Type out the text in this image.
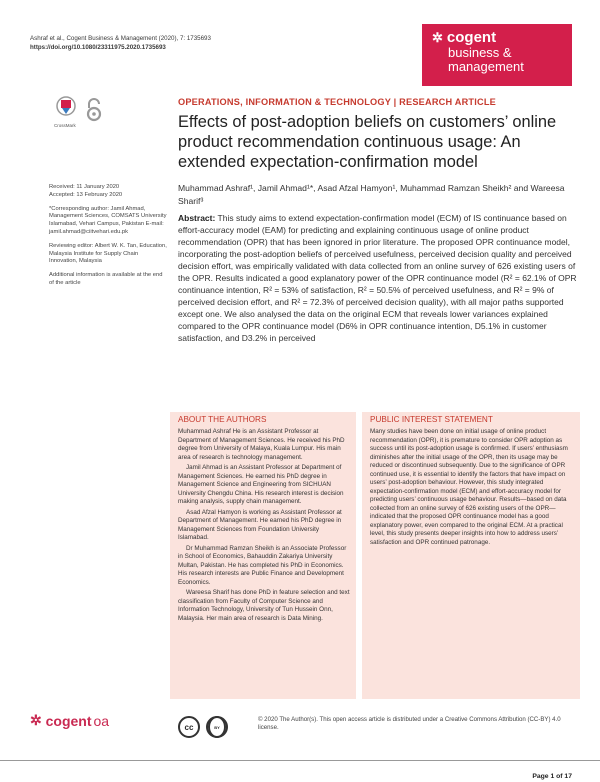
Ashraf et al., Cogent Business & Management (2020), 7: 1735693
https://doi.org/10.1080/23311975.2020.1735693
✲ cogent
business &
management
CrossMark
OPERATIONS, INFORMATION & TECHNOLOGY | RESEARCH ARTICLE
Effects of post-adoption beliefs on customers’ online product recommendation continuous usage: An extended expectation-confirmation model
Muhammad Ashraf¹, Jamil Ahmad¹*, Asad Afzal Hamyon¹, Muhammad Ramzan Sheikh² and Wareesa Sharif³

Received: 11 January 2020
Accepted: 13 February 2020

*Corresponding author: Jamil Ahmad, Management Sciences, COMSATS University Islamabad, Vehari Campus, Pakistan E-mail: jamil.ahmad@ciitvehari.edu.pk

Reviewing editor: Albert W. K. Tan, Education, Malaysia Institute for Supply Chain Innovation, Malaysia

Additional information is available at the end of the article

Abstract: This study aims to extend expectation-confirmation model (ECM) of IS continuance based on effort-accuracy model (EAM) for predicting and explaining continuous usage of online product recommendation (OPR) that has been ignored in prior literature. The proposed OPR continuance model, incorporating the post-adoption beliefs of perceived usefulness, perceived decision quality and perceived decision effort, was empirically validated with data collected from an online survey of 626 existing users of the OPR. Results indicated a good explanatory power of the OPR continuance model (R² = 62.1% of OPR continuance intention, R² = 53% of satisfaction, R² = 50.5% of perceived usefulness, and R² = 9% of perceived decision effort, and R² = 72.3% of perceived decision quality), with all major paths supported except one. We also analysed the data on the original ECM that reveals lower variances explained compared to the OPR continuance model (D6% in OPR continuance intention, D5.1% in customer satisfaction, and D3.2% in perceived
ABOUT THE AUTHORS

Muhammad Ashraf He is an Assistant Professor at Department of Management Sciences. He received his PhD degree from University of Malaya, Kuala Lumpur. His main area of research is technology management.

Jamil Ahmad is an Assistant Professor at Department of Management Sciences. He earned his PhD degree in Management Science and Engineering from SICHUAN University Chengdu China. His research interest is decision making analysis, supply chain management.

Asad Afzal Hamyon is working as Assistant Professor at Department of Management. He earned his PhD degree in Management Sciences from Foundation University Islamabad.

Dr Muhammad Ramzan Sheikh is an Associate Professor in School of Economics, Bahauddin Zakariya University Multan, Pakistan. He has completed his PhD in Economics. His research interests are Public Finance and Development Economics.

Wareesa Sharif has done PhD in feature selection and text classification from Faculty of Computer Science and Information Technology, University of Tun Hussein Onn, Malaysia. Her main area of research is Data Mining.

PUBLIC INTEREST STATEMENT

Many studies have been done on initial usage of online product recommendation (OPR), it is premature to consider OPR adoption as success until its post-adoption usage is confirmed. If users’ enthusiasm diminishes after the initial usage of the OPR, then its usage may be reduced or discontinued subsequently. Due to the significance of OPR continued use, it is essential to identify the factors that have impact on users’ post-adoption behaviour. However, this study integrated expectation-confirmation model (ECM) and effort-accuracy model for predicting users’ continuous usage behaviour. Results—based on data collected from an online survey of 626 existing users of the OPR—indicated that the proposed OPR continuance model has a good explanatory power, even compared to the original ECM. At a practical level, this study presents deeper insights into how to address users’ satisfaction and OPR continued patronage.

✲ cogent oa	cc	BY
© 2020 The Author(s). This open access article is distributed under a Creative Commons Attribution (CC-BY) 4.0 license.
Page 1 of 17
